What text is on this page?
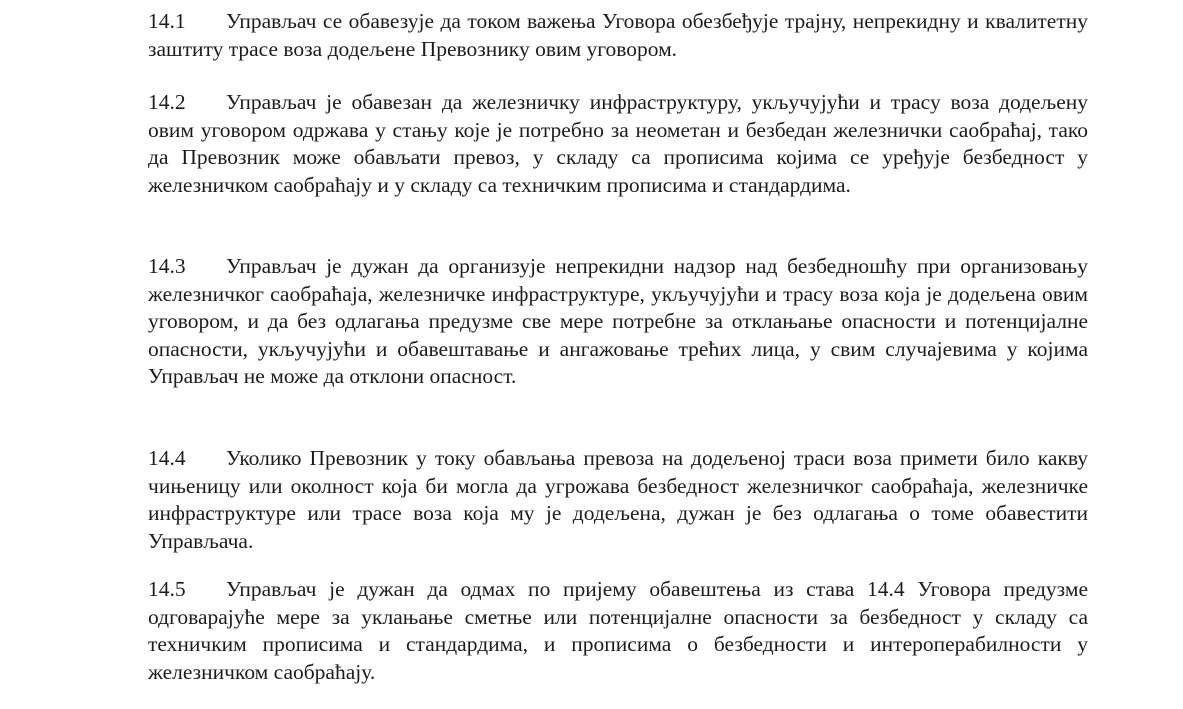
14.1 Управљач се обавезује да током важења Уговора обезбеђује трајну, непрекидну и квалитетну заштиту трасе воза додељене Превознику овим уговором.

14.2 Управљач је обавезан да железничку инфраструктуру, укључујући и трасу воза додељену овим уговором одржава у стању које је потребно за неометан и безбедан железнички саобраћај, тако да Превозник може обављати превоз, у складу са прописима којима се уређује безбедност у железничком саобраћају и у складу са техничким прописима и стандардима.

14.3 Управљач је дужан да организује непрекидни надзор над безбедношћу при организовању железничког саобраћаја, железничке инфраструктуре, укључујући и трасу воза која је додељена овим уговором, и да без одлагања предузме све мере потребне за отклањање опасности и потенцијалне опасности, укључујући и обавештавање и ангажовање трећих лица, у свим случајевима у којима Управљач не може да отклони опасност.

14.4 Уколико Превозник у току обављања превоза на додељеној траси воза примети било какву чињеницу или околност која би могла да угрожава безбедност железничког саобраћаја, железничке инфраструктуре или трасе воза која му је додељена, дужан је без одлагања о томе обавестити Управљача.

14.5 Управљач је дужан да одмах по пријему обавештења из става 14.4 Уговора предузме одговарајуће мере за уклањање сметње или потенцијалне опасности за безбедност у складу са техничким прописима и стандардима, и прописима о безбедности и интероперабилности у железничком саобраћају.
